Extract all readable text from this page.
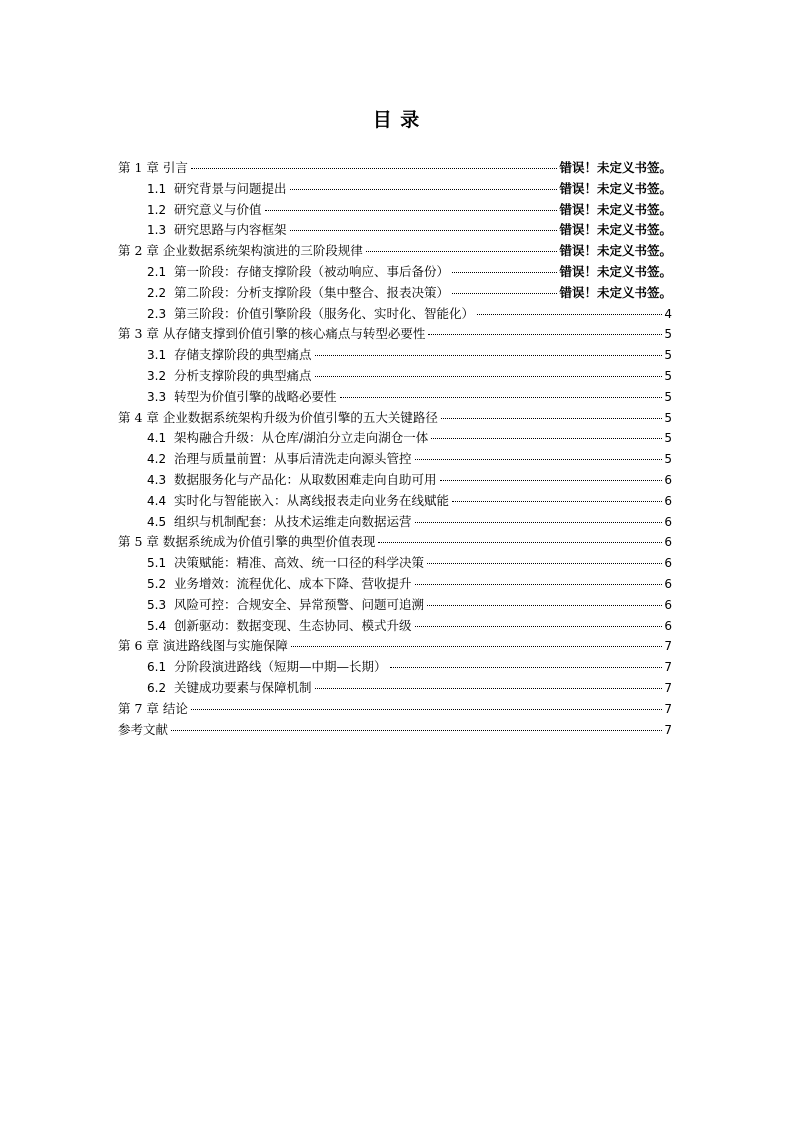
目 录
第 1 章 引言	错误！未定义书签。
1.1 研究背景与问题提出	错误！未定义书签。
1.2 研究意义与价值	错误！未定义书签。
1.3 研究思路与内容框架	错误！未定义书签。
第 2 章 企业数据系统架构演进的三阶段规律	错误！未定义书签。
2.1 第一阶段：存储支撑阶段（被动响应、事后备份）	错误！未定义书签。
2.2 第二阶段：分析支撑阶段（集中整合、报表决策）	错误！未定义书签。
2.3 第三阶段：价值引擎阶段（服务化、实时化、智能化）	4
第 3 章 从存储支撑到价值引擎的核心痛点与转型必要性	5
3.1 存储支撑阶段的典型痛点	5
3.2 分析支撑阶段的典型痛点	5
3.3 转型为价值引擎的战略必要性	5
第 4 章 企业数据系统架构升级为价值引擎的五大关键路径	5
4.1 架构融合升级：从仓库/湖泊分立走向湖仓一体	5
4.2 治理与质量前置：从事后清洗走向源头管控	5
4.3 数据服务化与产品化：从取数困难走向自助可用	6
4.4 实时化与智能嵌入：从离线报表走向业务在线赋能	6
4.5 组织与机制配套：从技术运维走向数据运营	6
第 5 章 数据系统成为价值引擎的典型价值表现	6
5.1 决策赋能：精准、高效、统一口径的科学决策	6
5.2 业务增效：流程优化、成本下降、营收提升	6
5.3 风险可控：合规安全、异常预警、问题可追溯	6
5.4 创新驱动：数据变现、生态协同、模式升级	6
第 6 章 演进路线图与实施保障	7
6.1 分阶段演进路线（短期—中期—长期）	7
6.2 关键成功要素与保障机制	7
第 7 章 结论	7
参考文献	7
